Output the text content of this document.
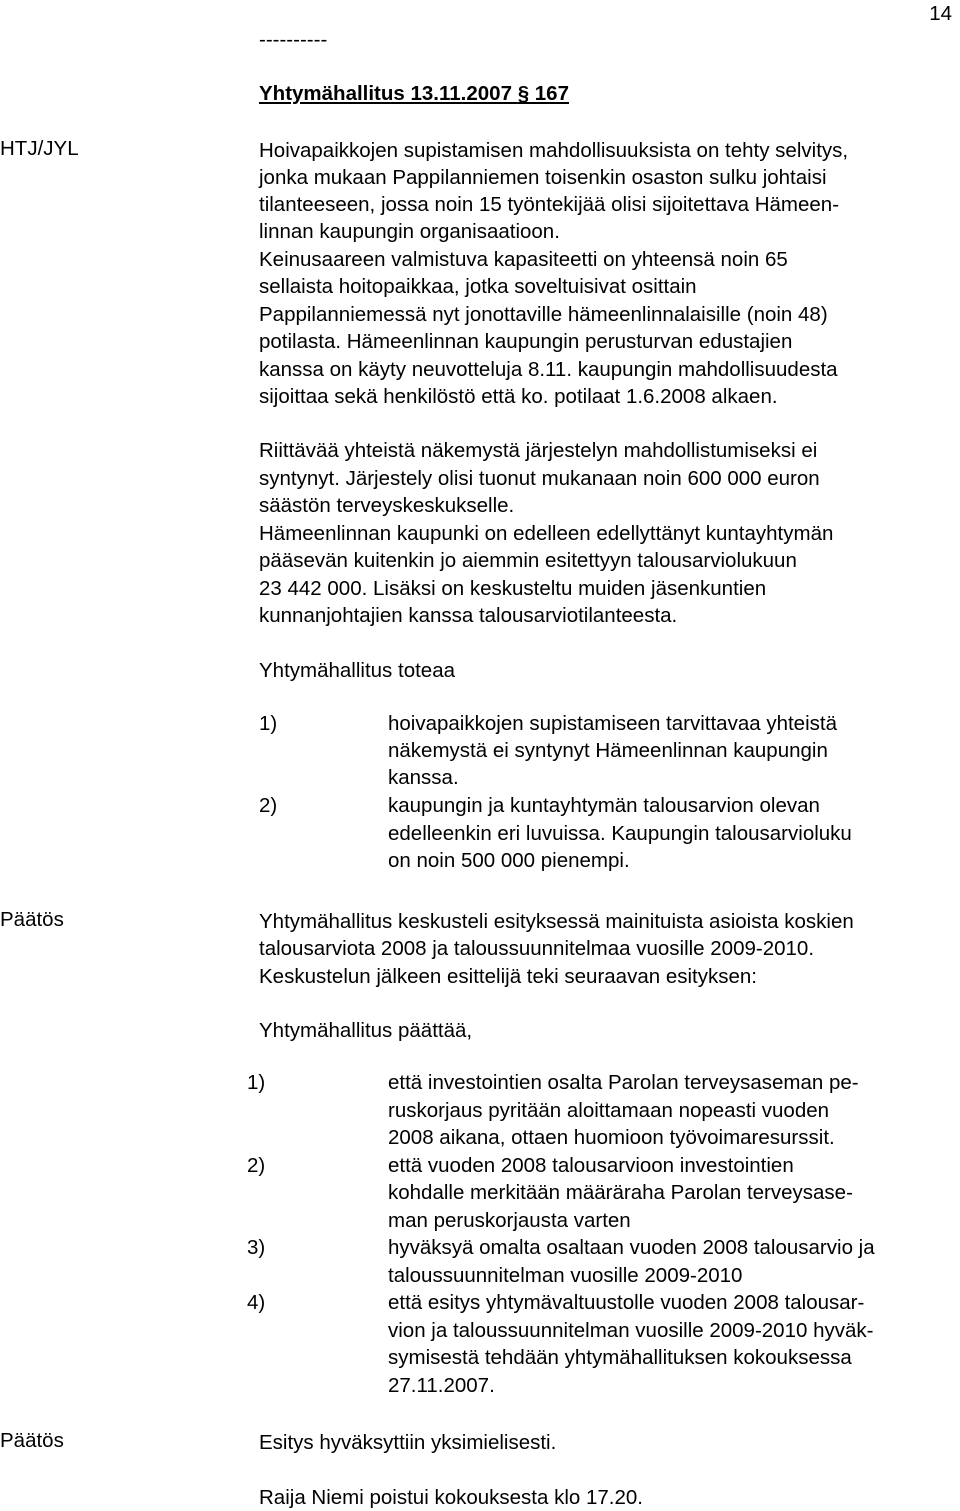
14
----------
Yhtymähallitus 13.11.2007 § 167
HTJ/JYL
Päätös
Päätös
Hoivapaikkojen supistamisen mahdollisuuksista on tehty selvitys,
jonka mukaan Pappilanniemen toisenkin osaston sulku johtaisi
tilanteeseen, jossa noin 15 työntekijää olisi sijoitettava Hämeen-
linnan kaupungin organisaatioon.
Keinusaareen valmistuva kapasiteetti on yhteensä noin 65
sellaista hoitopaikkaa, jotka soveltuisivat osittain
Pappilanniemessä nyt jonottaville hämeenlinnalaisille (noin 48)
potilasta. Hämeenlinnan kaupungin perusturvan edustajien
kanssa on käyty neuvotteluja 8.11. kaupungin mahdollisuudesta
sijoittaa sekä henkilöstö että ko. potilaat 1.6.2008 alkaen.
Riittävää yhteistä näkemystä järjestelyn mahdollistumiseksi ei
syntynyt. Järjestely olisi tuonut mukanaan noin 600 000 euron
säästön terveyskeskukselle.
Hämeenlinnan kaupunki on edelleen edellyttänyt kuntayhtymän
pääsevän kuitenkin jo aiemmin esitettyyn talousarviolukuun
23 442 000. Lisäksi on keskusteltu muiden jäsenkuntien
kunnanjohtajien kanssa talousarviotilanteesta.
Yhtymähallitus toteaa
1)	hoivapaikkojen supistamiseen tarvittavaa yhteistä
näkemystä ei syntynyt Hämeenlinnan kaupungin
kanssa.
2)	kaupungin ja kuntayhtymän talousarvion olevan
edelleenkin eri luvuissa. Kaupungin talousarvioluku
on noin 500 000 pienempi.
Yhtymähallitus keskusteli esityksessä mainituista asioista koskien
talousarviota 2008 ja taloussuunnitelmaa vuosille 2009-2010.
Keskustelun jälkeen esittelijä teki seuraavan esityksen:
Yhtymähallitus päättää,
1)	että investointien osalta Parolan terveysaseman pe-
ruskorjaus pyritään aloittamaan nopeasti vuoden
2008 aikana, ottaen huomioon työvoimaresurssit.
2)	että vuoden 2008 talousarvioon investointien
kohdalle merkitään määräraha Parolan terveysase-
man peruskorjausta varten
3)	hyväksyä omalta osaltaan vuoden 2008 talousarvio ja
taloussuunnitelman vuosille 2009-2010
4)	että esitys yhtymävaltuustolle vuoden 2008 talousar-
vion ja taloussuunnitelman vuosille 2009-2010 hyväk-
symisestä tehdään yhtymähallituksen kokouksessa
27.11.2007.
Esitys hyväksyttiin yksimielisesti.
Raija Niemi poistui kokouksesta klo 17.20.
